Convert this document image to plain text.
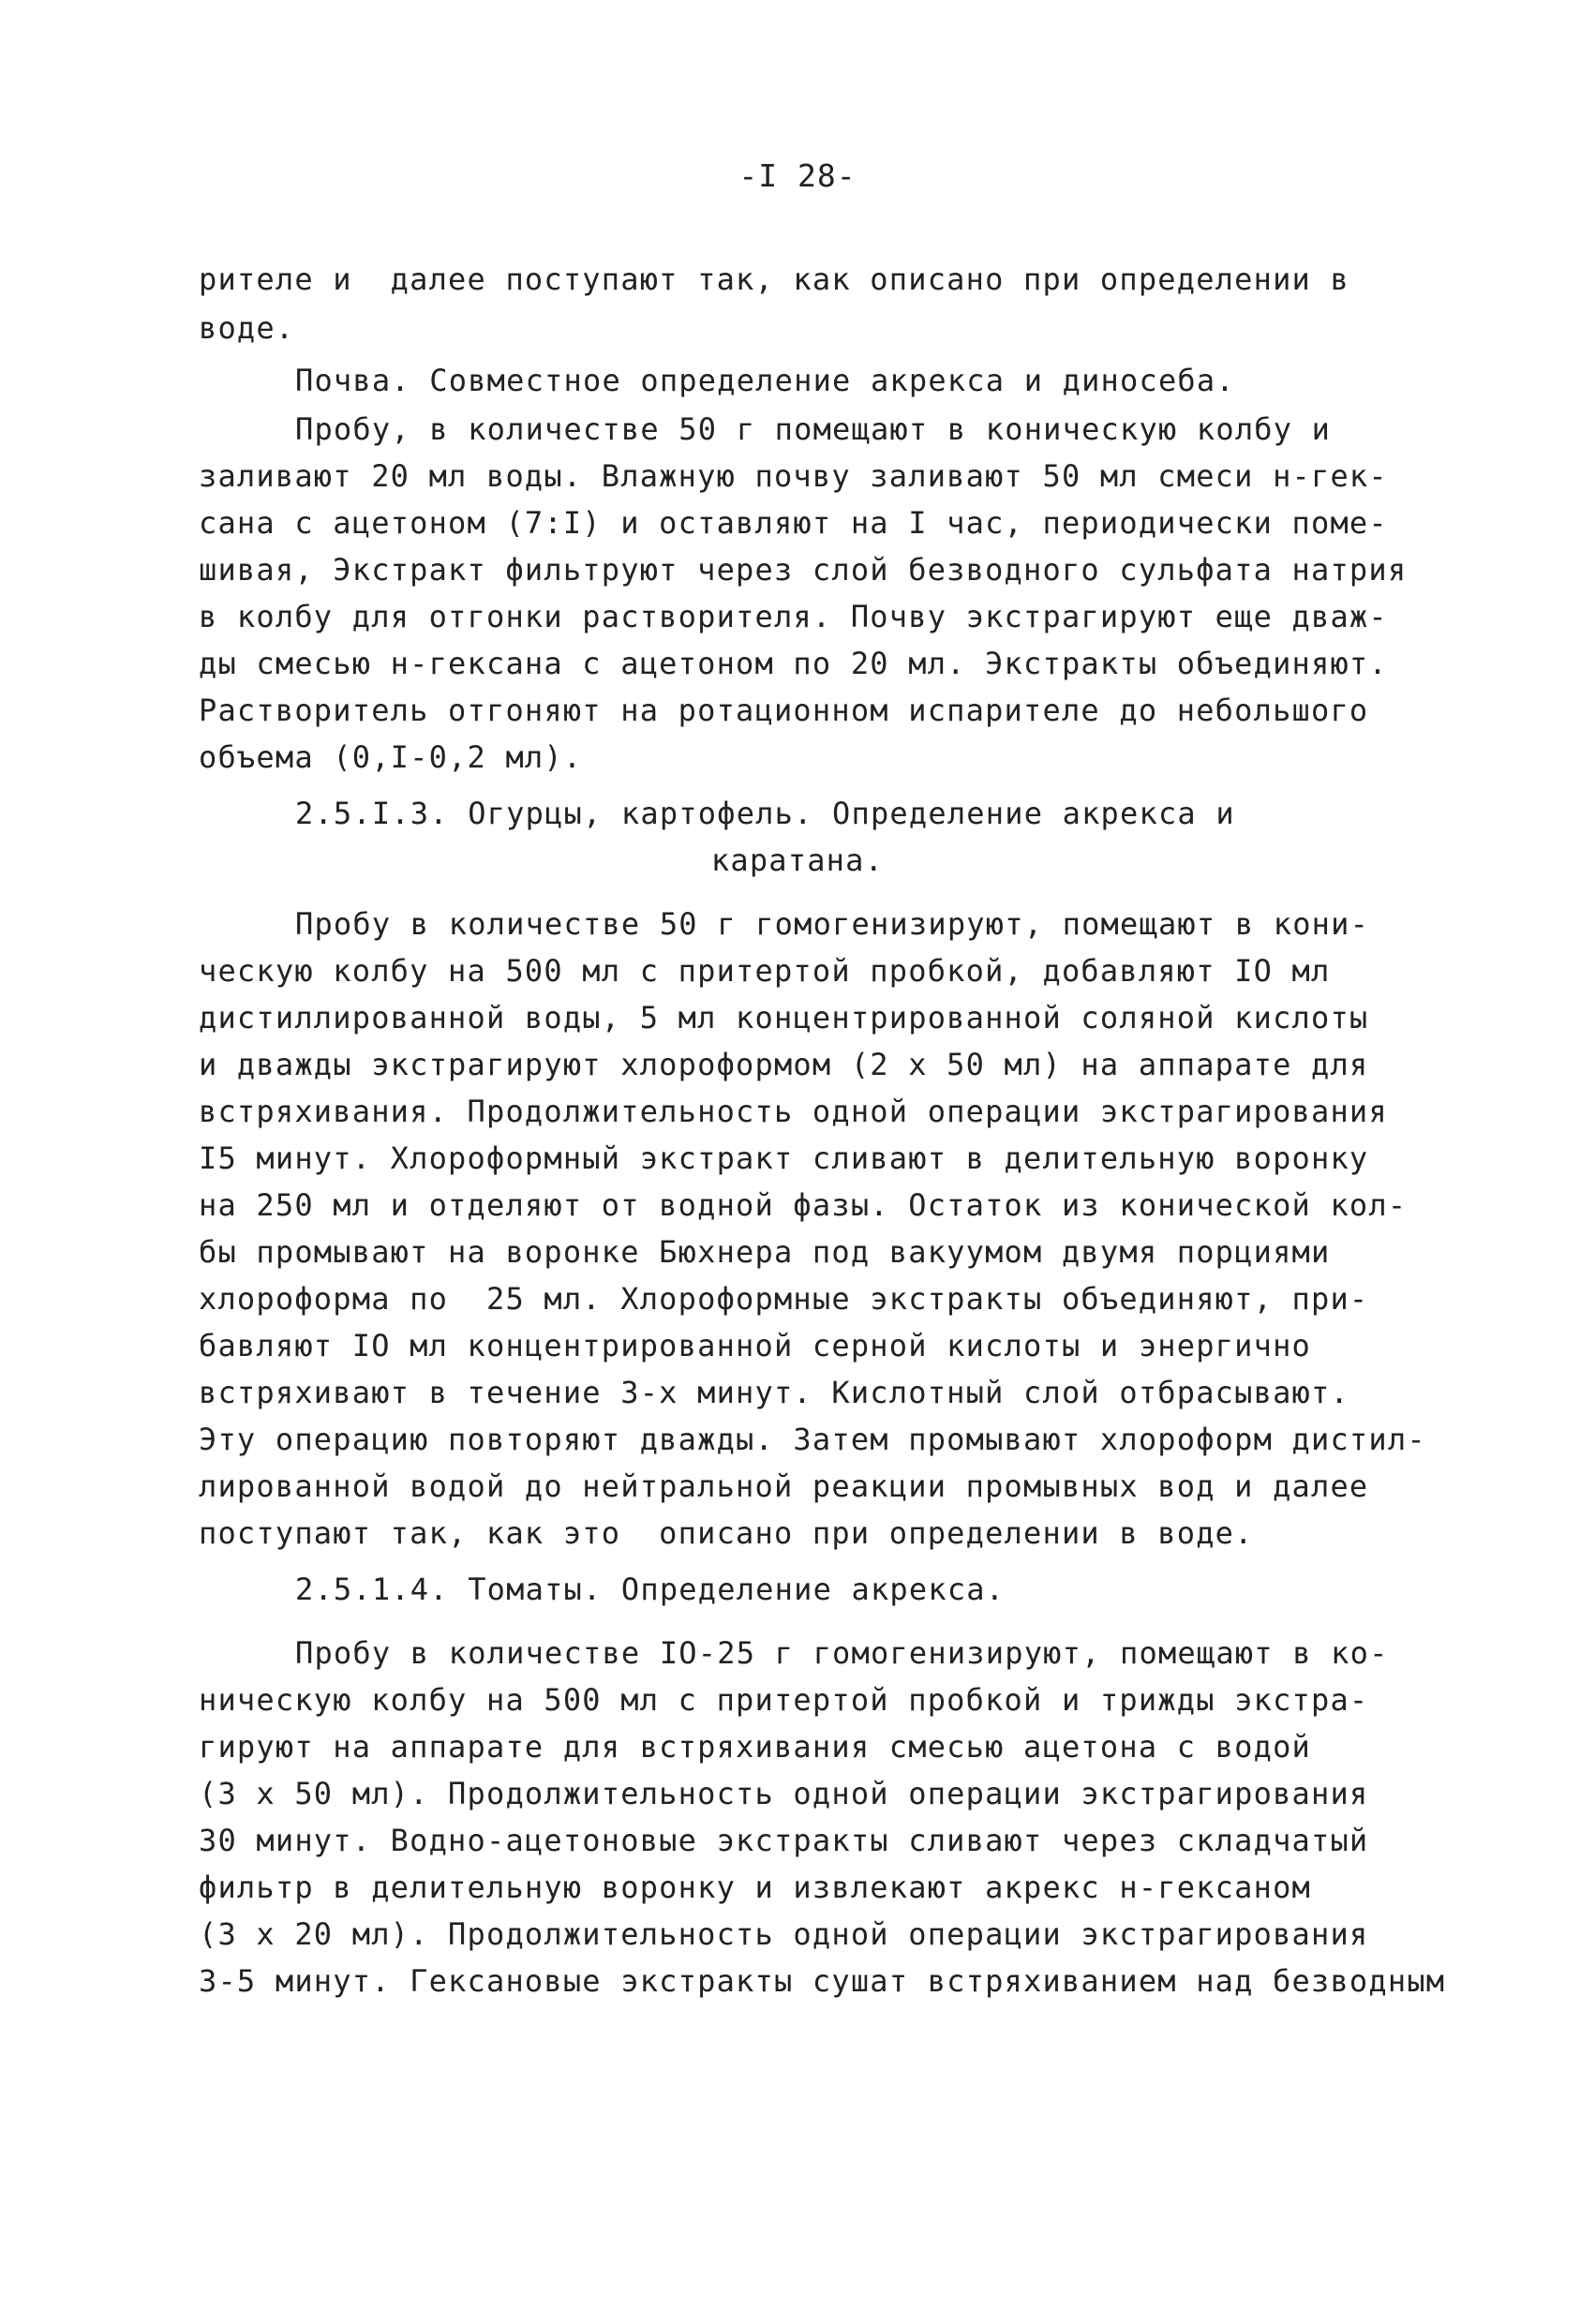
-I 28-
рителе и  далее поступают так, как описано при определении в
воде.
Почва. Совместное определение акрекса и диносеба.
Пробу, в количестве 50 г помещают в коническую колбу и
заливают 20 мл воды. Влажную почву заливают 50 мл смеси н-гек-
сана с ацетоном (7:I) и оставляют на I час, периодически поме-
шивая, Экстракт фильтруют через слой безводного сульфата натрия
в колбу для отгонки растворителя. Почву экстрагируют еще дваж-
ды смесью н-гексана с ацетоном по 20 мл. Экстракты объединяют.
Растворитель отгоняют на ротационном испарителе до небольшого
объема (0,I-0,2 мл).
2.5.I.3. Огурцы, картофель. Определение акрекса и
каратана.
Пробу в количестве 50 г гомогенизируют, помещают в кони-
ческую колбу на 500 мл с притертой пробкой, добавляют IO мл
дистиллированной воды, 5 мл концентрированной соляной кислоты
и дважды экстрагируют хлороформом (2 х 50 мл) на аппарате для
встряхивания. Продолжительность одной операции экстрагирования
I5 минут. Хлороформный экстракт сливают в делительную воронку
на 250 мл и отделяют от водной фазы. Остаток из конической кол-
бы промывают на воронке Бюхнера под вакуумом двумя порциями
хлороформа по  25 мл. Хлороформные экстракты объединяют, при-
бавляют IO мл концентрированной серной кислоты и энергично
встряхивают в течение 3-х минут. Кислотный слой отбрасывают.
Эту операцию повторяют дважды. Затем промывают хлороформ дистил-
лированной водой до нейтральной реакции промывных вод и далее
поступают так, как это  описано при определении в воде.
2.5.1.4. Томаты. Определение акрекса.
Пробу в количестве IO-25 г гомогенизируют, помещают в ко-
ническую колбу на 500 мл с притертой пробкой и трижды экстра-
гируют на аппарате для встряхивания смесью ацетона с водой
(3 х 50 мл). Продолжительность одной операции экстрагирования
30 минут. Водно-ацетоновые экстракты сливают через складчатый
фильтр в делительную воронку и извлекают акрекс н-гексаном
(3 х 20 мл). Продолжительность одной операции экстрагирования
3-5 минут. Гексановые экстракты сушат встряхиванием над безводным
